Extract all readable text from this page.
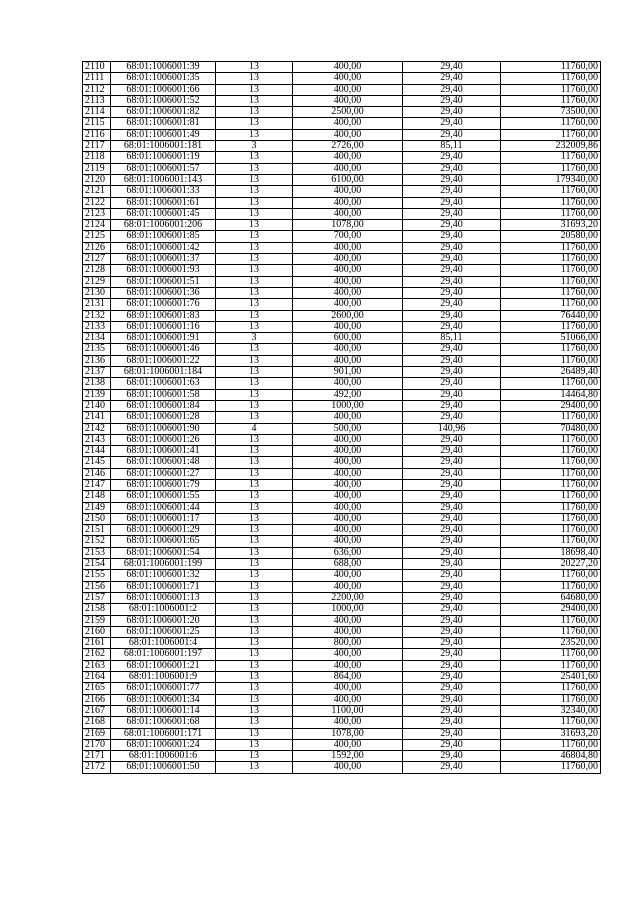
2110	68:01:1006001:39	13	400,00	29,40	11760,00
2111	68:01:1006001:35	13	400,00	29,40	11760,00
2112	68:01:1006001:66	13	400,00	29,40	11760,00
2113	68:01:1006001:52	13	400,00	29,40	11760,00
2114	68:01:1006001:82	13	2500,00	29,40	73500,00
2115	68:01:1006001:81	13	400,00	29,40	11760,00
2116	68:01:1006001:49	13	400,00	29,40	11760,00
2117	68:01:1006001:181	3	2726,00	85,11	232009,86
2118	68:01:1006001:19	13	400,00	29,40	11760,00
2119	68:01:1006001:57	13	400,00	29,40	11760,00
2120	68:01:1006001:143	13	6100,00	29,40	179340,00
2121	68:01:1006001:33	13	400,00	29,40	11760,00
2122	68:01:1006001:61	13	400,00	29,40	11760,00
2123	68:01:1006001:45	13	400,00	29,40	11760,00
2124	68:01:1006001:206	13	1078,00	29,40	31693,20
2125	68:01:1006001:85	13	700,00	29,40	20580,00
2126	68:01:1006001:42	13	400,00	29,40	11760,00
2127	68:01:1006001:37	13	400,00	29,40	11760,00
2128	68:01:1006001:93	13	400,00	29,40	11760,00
2129	68:01:1006001:51	13	400,00	29,40	11760,00
2130	68:01:1006001:36	13	400,00	29,40	11760,00
2131	68:01:1006001:76	13	400,00	29,40	11760,00
2132	68:01:1006001:83	13	2600,00	29,40	76440,00
2133	68:01:1006001:16	13	400,00	29,40	11760,00
2134	68:01:1006001:91	3	600,00	85,11	51066,00
2135	68:01:1006001:46	13	400,00	29,40	11760,00
2136	68:01:1006001:22	13	400,00	29,40	11760,00
2137	68:01:1006001:184	13	901,00	29,40	26489,40
2138	68:01:1006001:63	13	400,00	29,40	11760,00
2139	68:01:1006001:58	13	492,00	29,40	14464,80
2140	68:01:1006001:84	13	1000,00	29,40	29400,00
2141	68:01:1006001:28	13	400,00	29,40	11760,00
2142	68:01:1006001:90	4	500,00	140,96	70480,00
2143	68:01:1006001:26	13	400,00	29,40	11760,00
2144	68:01:1006001:41	13	400,00	29,40	11760,00
2145	68:01:1006001:48	13	400,00	29,40	11760,00
2146	68:01:1006001:27	13	400,00	29,40	11760,00
2147	68:01:1006001:79	13	400,00	29,40	11760,00
2148	68:01:1006001:55	13	400,00	29,40	11760,00
2149	68:01:1006001:44	13	400,00	29,40	11760,00
2150	68:01:1006001:17	13	400,00	29,40	11760,00
2151	68:01:1006001:29	13	400,00	29,40	11760,00
2152	68:01:1006001:65	13	400,00	29,40	11760,00
2153	68:01:1006001:54	13	636,00	29,40	18698,40
2154	68:01:1006001:199	13	688,00	29,40	20227,20
2155	68:01:1006001:32	13	400,00	29,40	11760,00
2156	68:01:1006001:71	13	400,00	29,40	11760,00
2157	68:01:1006001:13	13	2200,00	29,40	64680,00
2158	68:01:1006001:2	13	1000,00	29,40	29400,00
2159	68:01:1006001:20	13	400,00	29,40	11760,00
2160	68:01:1006001:25	13	400,00	29,40	11760,00
2161	68:01:1006001:4	13	800,00	29,40	23520,00
2162	68:01:1006001:197	13	400,00	29,40	11760,00
2163	68:01:1006001:21	13	400,00	29,40	11760,00
2164	68:01:1006001:9	13	864,00	29,40	25401,60
2165	68:01:1006001:77	13	400,00	29,40	11760,00
2166	68:01:1006001:34	13	400,00	29,40	11760,00
2167	68:01:1006001:14	13	1100,00	29,40	32340,00
2168	68:01:1006001:68	13	400,00	29,40	11760,00
2169	68:01:1006001:171	13	1078,00	29,40	31693,20
2170	68:01:1006001:24	13	400,00	29,40	11760,00
2171	68:01:1006001:6	13	1592,00	29,40	46804,80
2172	68:01:1006001:50	13	400,00	29,40	11760,00
